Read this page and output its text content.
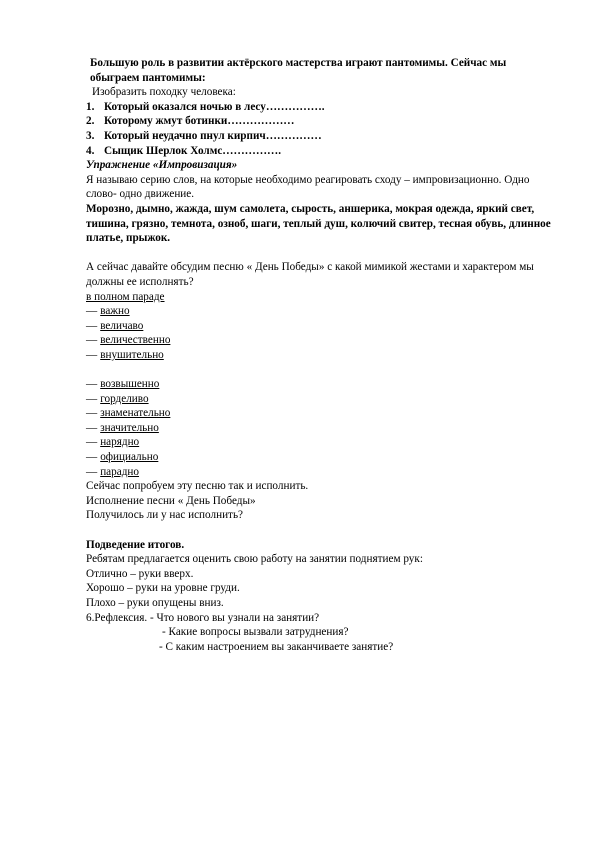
Большую роль в развитии актёрского мастерства играют пантомимы. Сейчас мы обыграем пантомимы:

Изобразить походку человека:

1. Который оказался ночью в лесу…………….
2. Которому жмут ботинки………………
3. Который неудачно пнул кирпич……………
4. Сыщик Шерлок Холмс…………….

Упражнение «Импровизация»

Я называю серию слов, на которые необходимо реагировать сходу – импровизационно. Одно слово- одно движение.

Морозно, дымно, жажда, шум самолета, сырость, аншерика, мокрая одежда, яркий свет, тишина, грязно, темнота, озноб, шаги, теплый душ, колючий свитер, тесная обувь, длинное платье, прыжок.

А сейчас давайте обсудим песню « День Победы» с какой мимикой жестами и характером мы должны ее исполнять?

в полном параде

— важно

— величаво

— величественно

— внушительно

— возвышенно

— горделиво

— знаменательно

— значительно

— нарядно

— официально

— парадно

Сейчас попробуем эту песню так и исполнить.

Исполнение песни « День Победы»

Получилось ли у нас исполнить?

Подведение итогов.

Ребятам предлагается оценить свою работу на занятии поднятием рук:

Отлично – руки вверх.

Хорошо – руки на уровне груди.

Плохо – руки опущены вниз.

6.Рефлексия. - Что нового вы узнали на занятии?

- Какие вопросы вызвали затруднения?

- С каким настроением вы заканчиваете занятие?
